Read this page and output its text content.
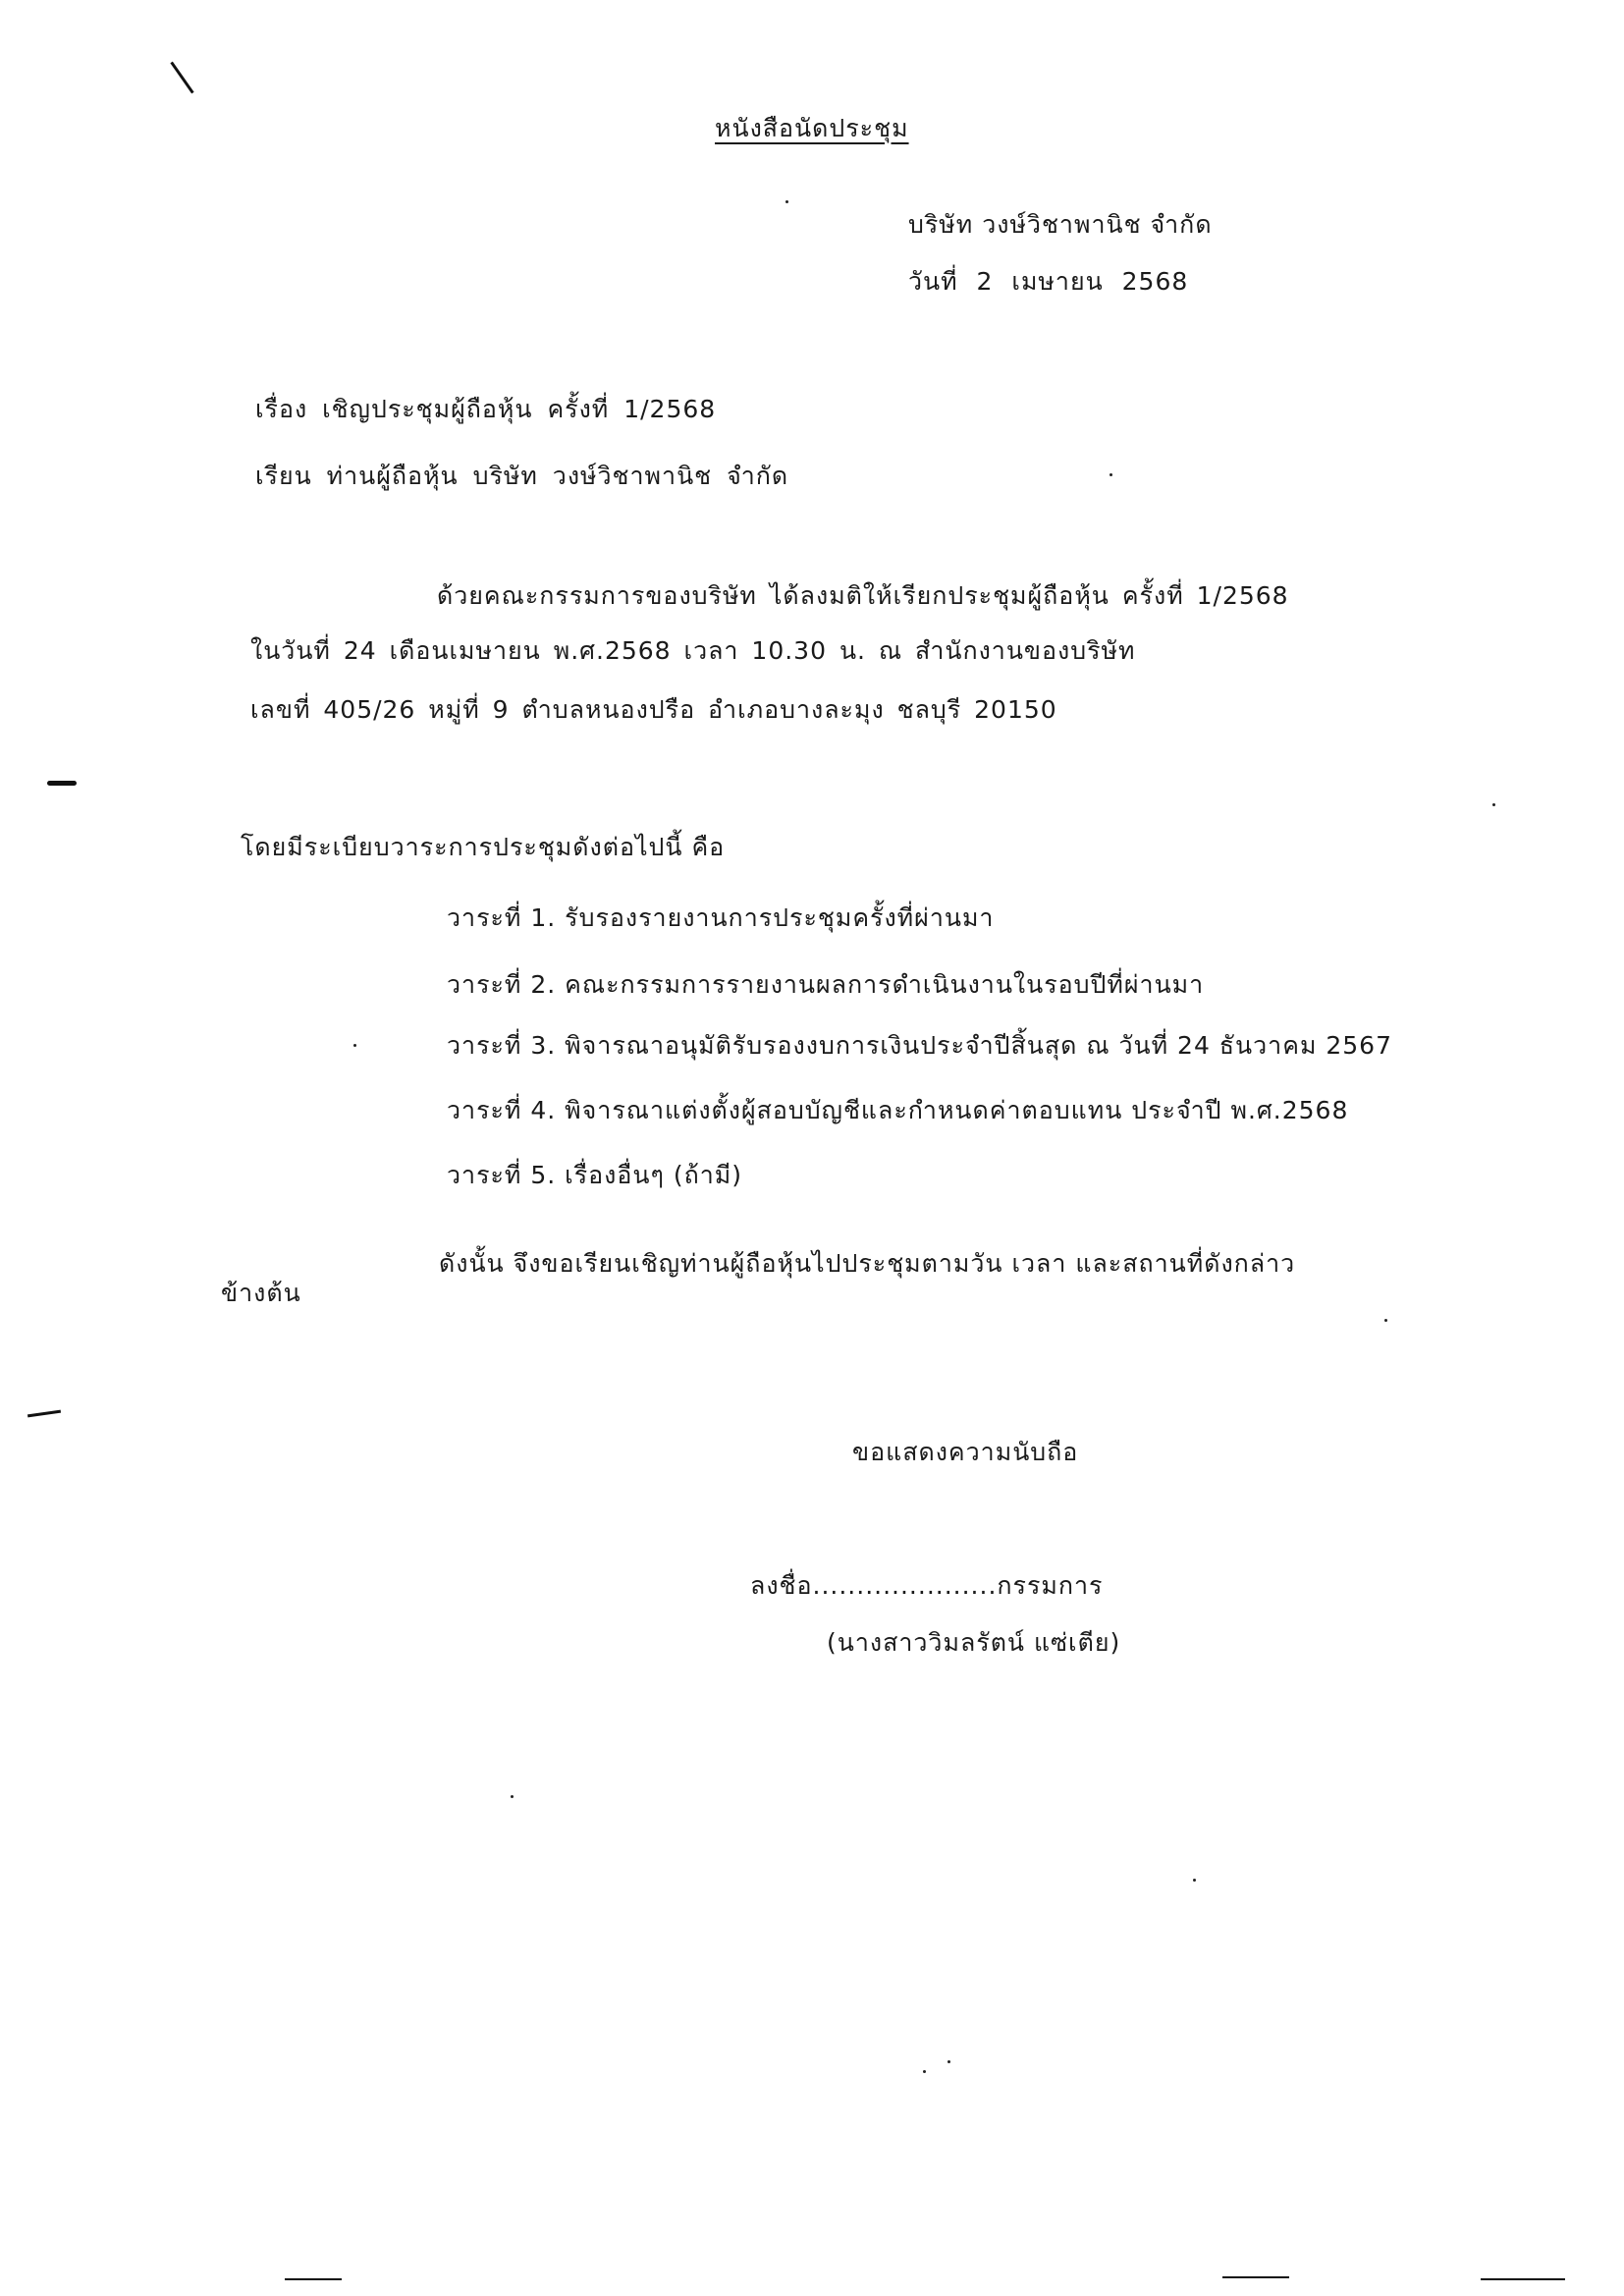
หนังสือนัดประชุม
บริษัท วงษ์วิชาพานิช จำกัด
วันที่ 2 เมษายน 2568
เรื่อง เชิญประชุมผู้ถือหุ้น ครั้งที่ 1/2568
เรียน ท่านผู้ถือหุ้น บริษัท วงษ์วิชาพานิช จำกัด
ด้วยคณะกรรมการของบริษัท ได้ลงมติให้เรียกประชุมผู้ถือหุ้น ครั้งที่ 1/2568
ในวันที่ 24 เดือนเมษายน พ.ศ.2568 เวลา 10.30 น. ณ สำนักงานของบริษัท
เลขที่ 405/26 หมู่ที่ 9 ตำบลหนองปรือ อำเภอบางละมุง ชลบุรี 20150
โดยมีระเบียบวาระการประชุมดังต่อไปนี้ คือ
วาระที่ 1. รับรองรายงานการประชุมครั้งที่ผ่านมา
วาระที่ 2. คณะกรรมการรายงานผลการดำเนินงานในรอบปีที่ผ่านมา
วาระที่ 3. พิจารณาอนุมัติรับรองงบการเงินประจำปีสิ้นสุด ณ วันที่ 24 ธันวาคม 2567
วาระที่ 4. พิจารณาแต่งตั้งผู้สอบบัญชีและกำหนดค่าตอบแทน ประจำปี พ.ศ.2568
วาระที่ 5. เรื่องอื่นๆ (ถ้ามี)
ดังนั้น จึงขอเรียนเชิญท่านผู้ถือหุ้นไปประชุมตามวัน เวลา และสถานที่ดังกล่าว
ข้างต้น
ขอแสดงความนับถือ
ลงชื่อ.....................กรรมการ
(นางสาววิมลรัตน์ แซ่เตีย)
